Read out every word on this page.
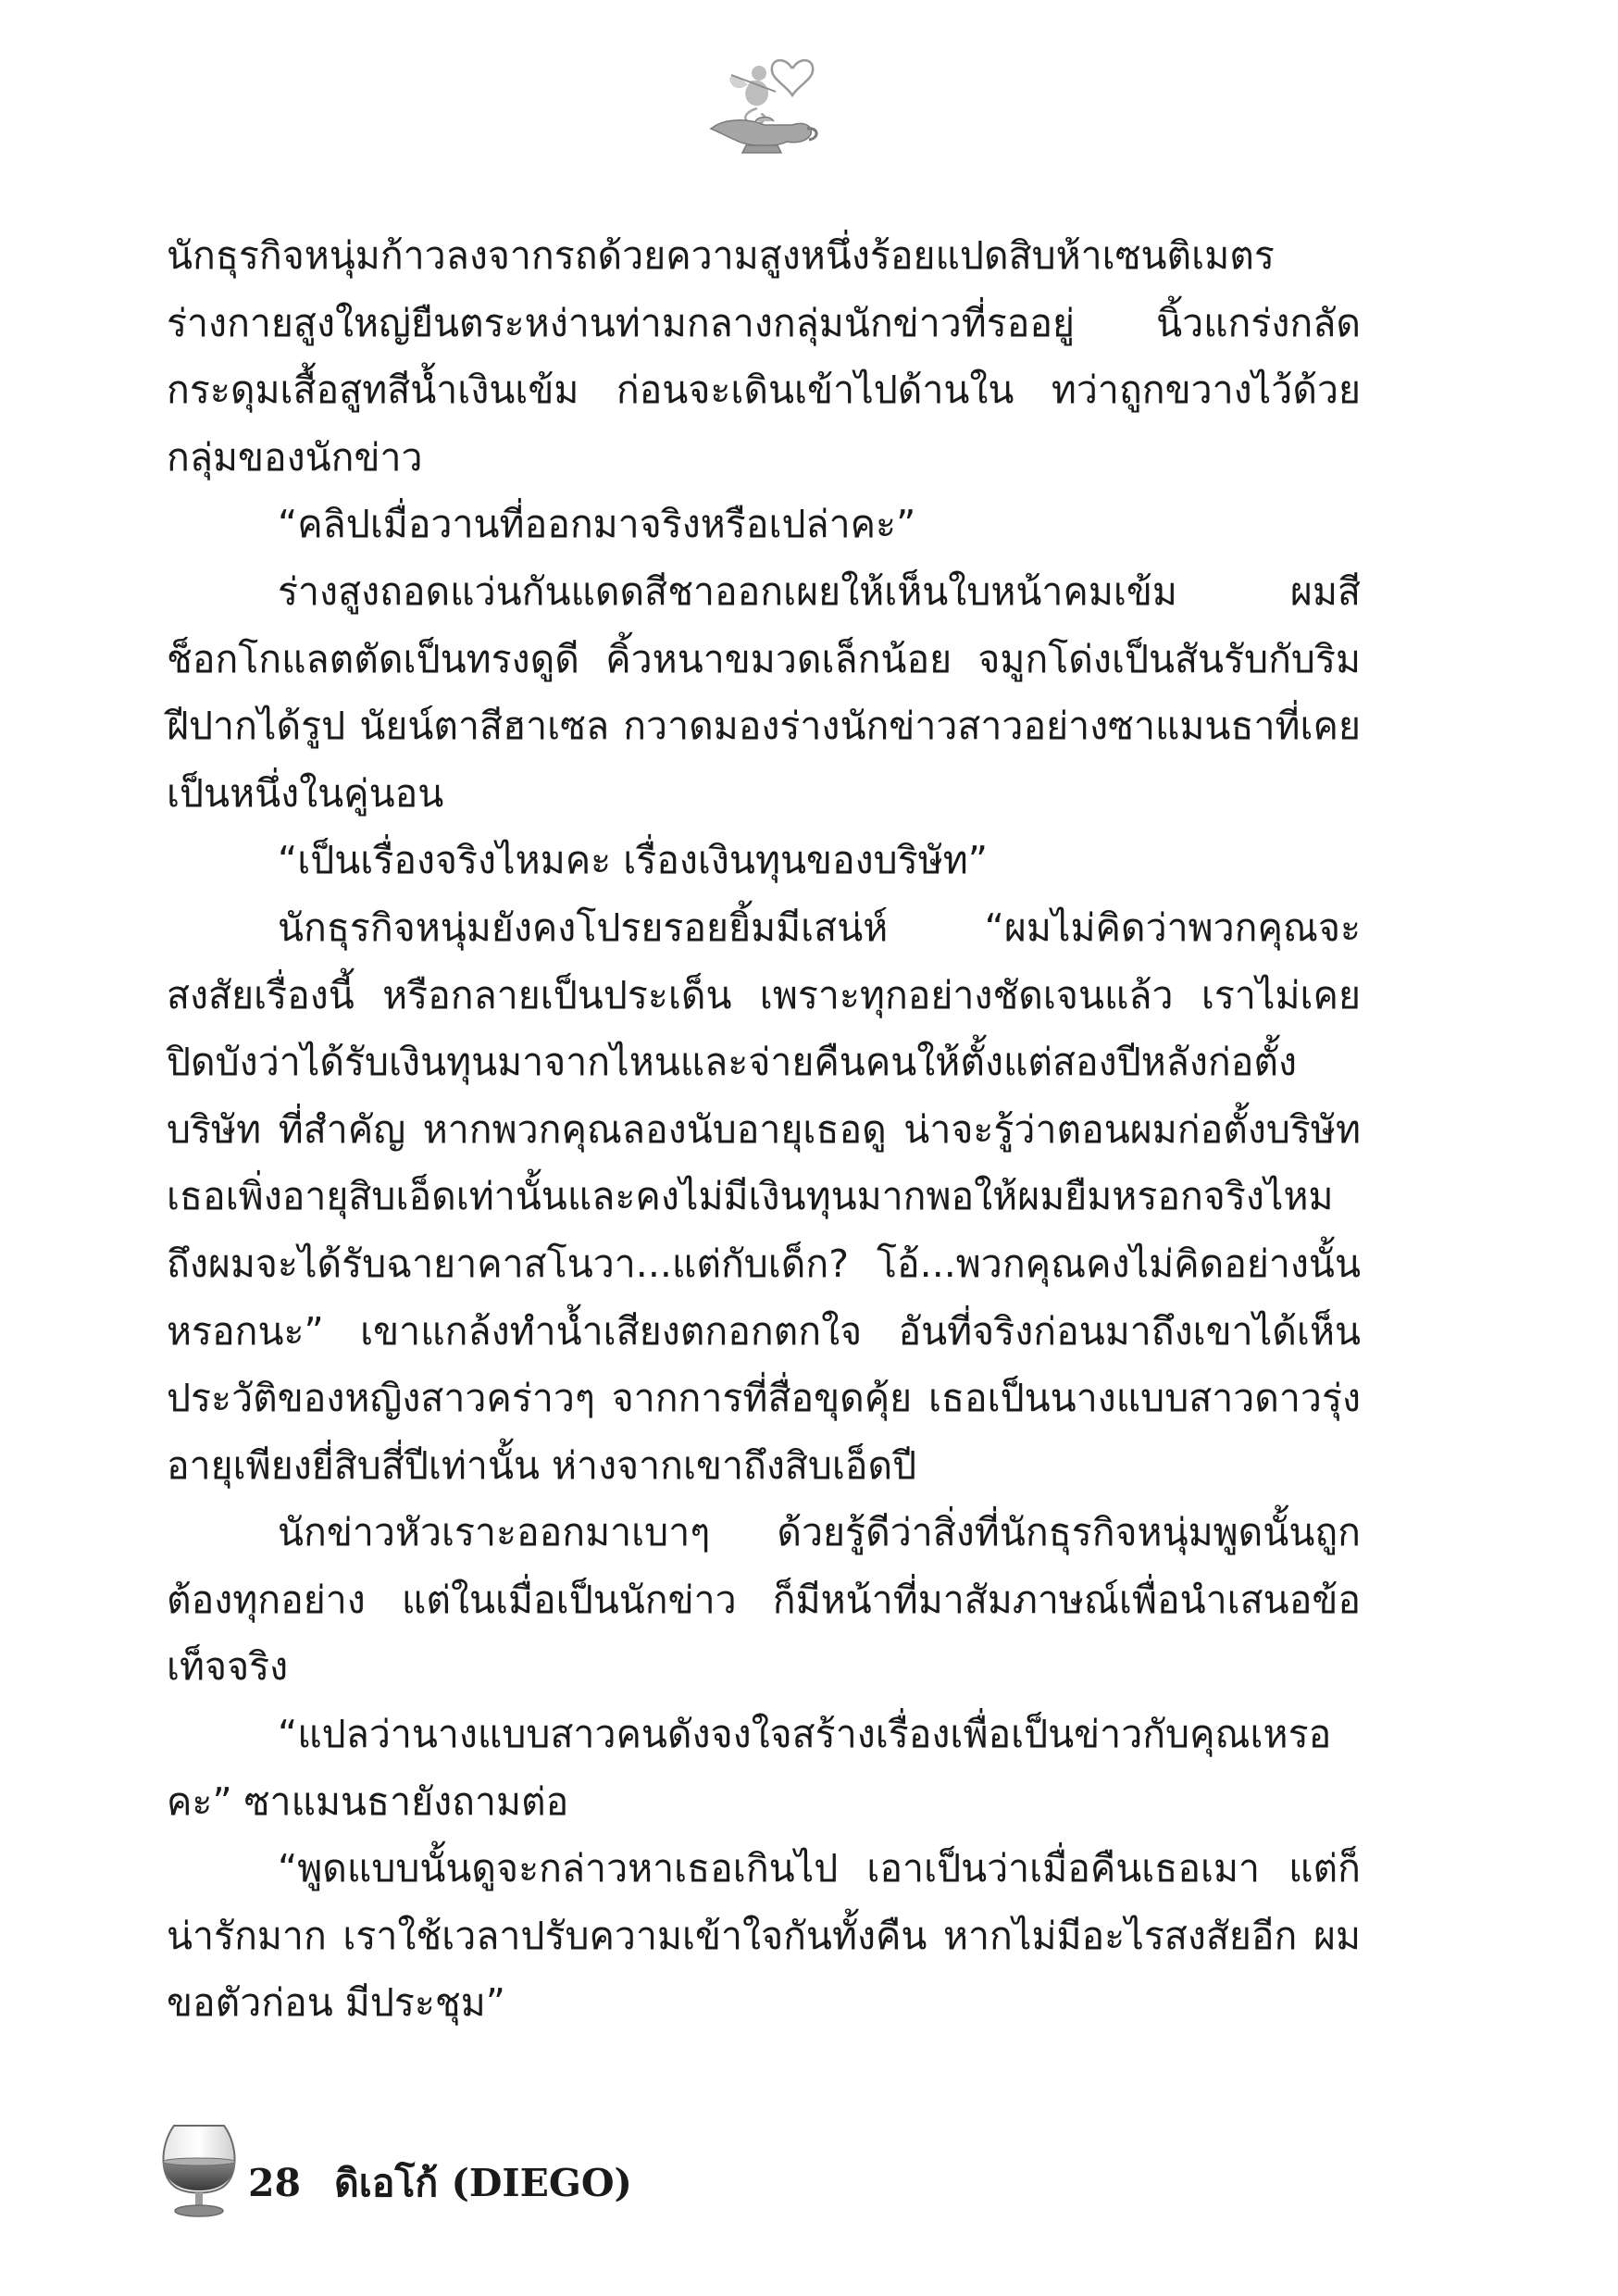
นักธุรกิจหนุ่มก้าวลงจากรถด้วยความสูงหนึ่งร้อยแปดสิบห้าเซนติเมตร ร่างกายสูงใหญ่ยืนตระหง่านท่ามกลางกลุ่มนักข่าวที่รออยู่ นิ้วแกร่งกลัดกระดุมเสื้อสูทสีน้ำเงินเข้ม ก่อนจะเดินเข้าไปด้านใน ทว่าถูกขวางไว้ด้วยกลุ่มของนักข่าว

“คลิปเมื่อวานที่ออกมาจริงหรือเปล่าคะ”

ร่างสูงถอดแว่นกันแดดสีชาออกเผยให้เห็นใบหน้าคมเข้ม ผมสีช็อกโกแลตตัดเป็นทรงดูดี คิ้วหนาขมวดเล็กน้อย จมูกโด่งเป็นสันรับกับริมฝีปากได้รูป นัยน์ตาสีฮาเซล กวาดมองร่างนักข่าวสาวอย่างซาแมนธาที่เคยเป็นหนึ่งในคู่นอน

“เป็นเรื่องจริงไหมคะ เรื่องเงินทุนของบริษัท”

นักธุรกิจหนุ่มยังคงโปรยรอยยิ้มมีเสน่ห์ “ผมไม่คิดว่าพวกคุณจะสงสัยเรื่องนี้ หรือกลายเป็นประเด็น เพราะทุกอย่างชัดเจนแล้ว เราไม่เคยปิดบังว่าได้รับเงินทุนมาจากไหนและจ่ายคืนคนให้ตั้งแต่สองปีหลังก่อตั้งบริษัท ที่สำคัญ หากพวกคุณลองนับอายุเธอดู น่าจะรู้ว่าตอนผมก่อตั้งบริษัทเธอเพิ่งอายุสิบเอ็ดเท่านั้นและคงไม่มีเงินทุนมากพอให้ผมยืมหรอกจริงไหมถึงผมจะได้รับฉายาคาสโนวา...แต่กับเด็ก? โอ้...พวกคุณคงไม่คิดอย่างนั้นหรอกนะ” เขาแกล้งทำน้ำเสียงตกอกตกใจ อันที่จริงก่อนมาถึงเขาได้เห็นประวัติของหญิงสาวคร่าวๆ จากการที่สื่อขุดคุ้ย เธอเป็นนางแบบสาวดาวรุ่งอายุเพียงยี่สิบสี่ปีเท่านั้น ห่างจากเขาถึงสิบเอ็ดปี

นักข่าวหัวเราะออกมาเบาๆ ด้วยรู้ดีว่าสิ่งที่นักธุรกิจหนุ่มพูดนั้นถูกต้องทุกอย่าง แต่ในเมื่อเป็นนักข่าว ก็มีหน้าที่มาสัมภาษณ์เพื่อนำเสนอข้อเท็จจริง

“แปลว่านางแบบสาวคนดังจงใจสร้างเรื่องเพื่อเป็นข่าวกับคุณเหรอคะ” ซาแมนธายังถามต่อ

“พูดแบบนั้นดูจะกล่าวหาเธอเกินไป เอาเป็นว่าเมื่อคืนเธอเมา แต่ก็น่ารักมาก เราใช้เวลาปรับความเข้าใจกันทั้งคืน หากไม่มีอะไรสงสัยอีก ผมขอตัวก่อน มีประชุม”

28 ดิเอโก้ (DIEGO)
